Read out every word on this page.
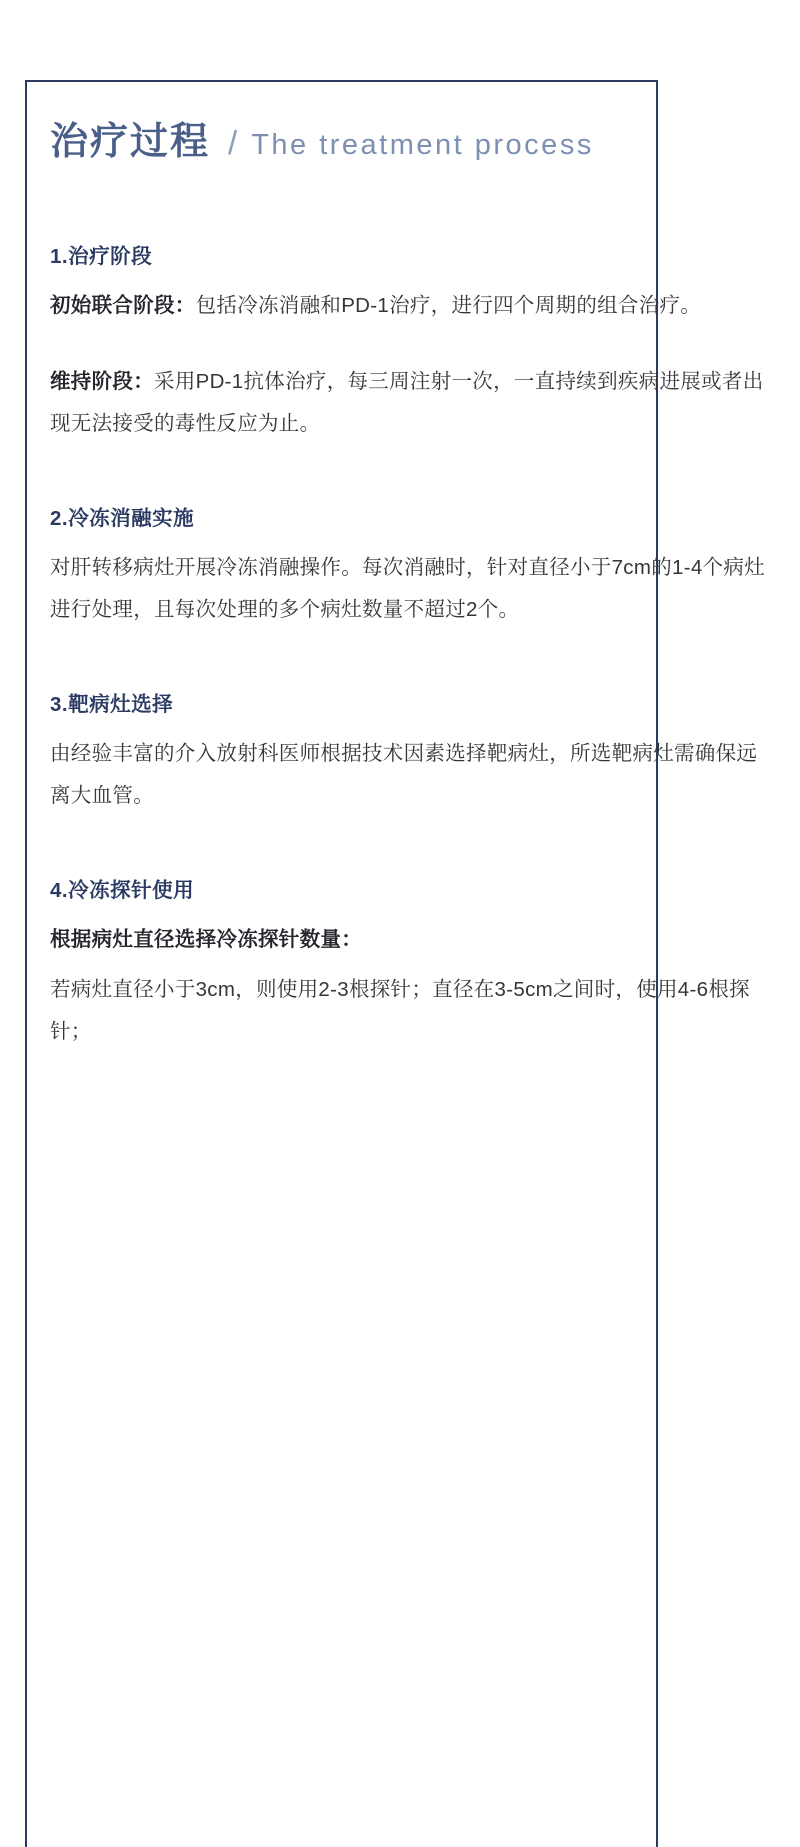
治疗过程 / The treatment process
1.治疗阶段

初始联合阶段：包括冷冻消融和PD-1治疗，进行四个周期的组合治疗。

维持阶段：采用PD-1抗体治疗，每三周注射一次，一直持续到疾病进展或者出现无法接受的毒性反应为止。

2.冷冻消融实施

对肝转移病灶开展冷冻消融操作。每次消融时，针对直径小于7cm的1-4个病灶进行处理，且每次处理的多个病灶数量不超过2个。

3.靶病灶选择

由经验丰富的介入放射科医师根据技术因素选择靶病灶，所选靶病灶需确保远离大血管。

4.冷冻探针使用

根据病灶直径选择冷冻探针数量：

若病灶直径小于3cm，则使用2-3根探针；直径在3-5cm之间时，使用4-6根探针；
